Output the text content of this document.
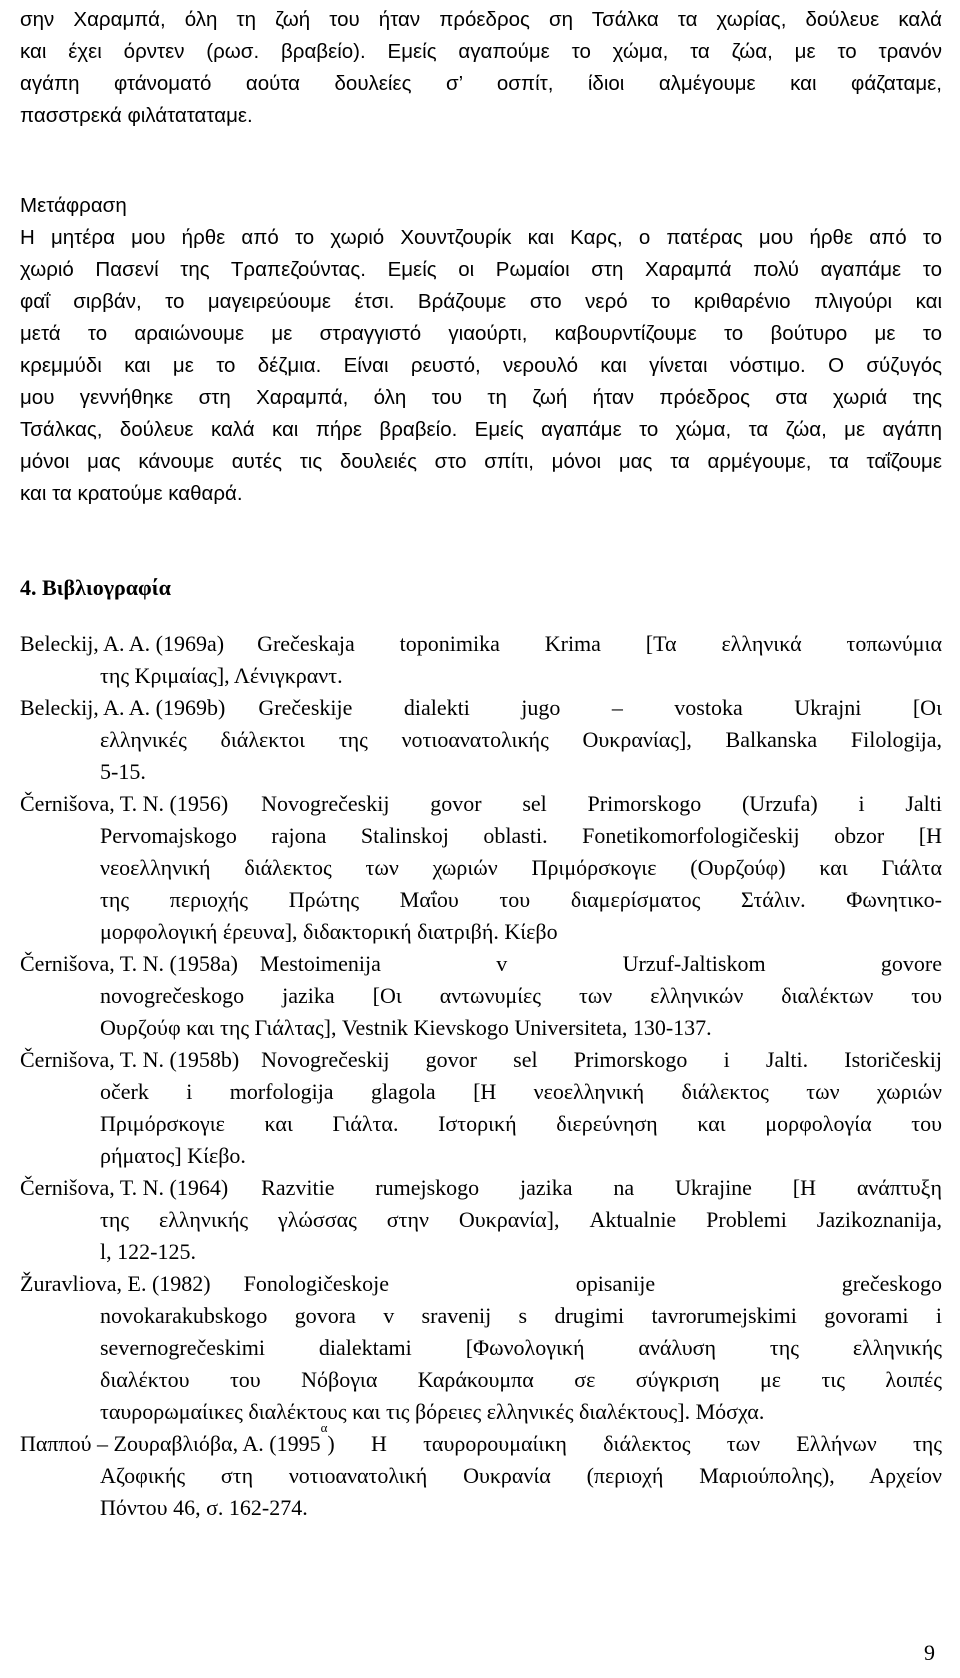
σην Χαραμπά, όλη τη ζωή του ήταν πρόεδρος ση Τσάλκα τα χωρίας, δούλευε καλά
και έχει όρντεν (ρωσ. βραβείο). Εμείς αγαπούμε το χώμα, τα ζώα, με το τρανόν
αγάπη φτάνοματό αούτα δουλείες σ’ οσπίτ, ίδιοι αλμέγουμε και φάζαταμε,
πασστρεκά φιλάταταταμε.
Μετάφραση
Η μητέρα μου ήρθε από το χωριό Χουντζουρίκ και Καρς, ο πατέρας μου ήρθε από το
χωριό Πασενί της Τραπεζούντας. Εμείς οι Ρωμαίοι στη Χαραμπά πολύ αγαπάμε το
φαΐ σιρβάν, το μαγειρεύουμε έτσι. Βράζουμε στο νερό το κριθαρένιο πλιγούρι και
μετά το αραιώνουμε με στραγγιστό γιαούρτι, καβουρντίζουμε το βούτυρο με το
κρεμμύδι και με το δέζμια. Είναι ρευστό, νερουλό και γίνεται νόστιμο. Ο σύζυγός
μου γεννήθηκε στη Χαραμπά, όλη του τη ζωή ήταν πρόεδρος στα χωριά της
Τσάλκας, δούλευε καλά και πήρε βραβείο. Εμείς αγαπάμε το χώμα, τα ζώα, με αγάπη
μόνοι μας κάνουμε αυτές τις δουλειές στο σπίτι, μόνοι μας τα αρμέγουμε, τα ταΐζουμε
και τα κρατούμε καθαρά.
4. Βιβλιογραφία
Beleckij, A. A. (1969a) Grečeskaja toponimika Krima [Τα ελληνικά τοπωνύμια
της Κριμαίας], Λένιγκραντ.
Beleckij, A. A. (1969b) Grečeskije dialekti jugo – vostoka Ukrajni [Οι
ελληνικές διάλεκτοι της νοτιοανατολικής Ουκρανίας], Balkanska Filologija,
5-15.
Černišova, T. N. (1956) Novogrečeskij govor sel Primorskogo (Urzufa) i Jalti
Pervomajskogo rajona Stalinskoj oblasti. Fonetikomorfologičeskij obzor [Η
νεοελληνική διάλεκτος των χωριών Πριμόρσκογιε (Ουρζούφ) και Γιάλτα
της περιοχής Πρώτης Μαΐου του διαμερίσματος Στάλιν. Φωνητικο-
μορφολογική έρευνα], διδακτορική διατριβή. Κίεβο
Černišova, T. N. (1958a) Mestoimenija v Urzuf-Jaltiskom govore
novogrečeskogo jazika [Οι αντωνυμίες των ελληνικών διαλέκτων του
Ουρζούφ και της Γιάλτας], Vestnik Kievskogo Universiteta, 130-137.
Černišova, T. N. (1958b) Novogrečeskij govor sel Primorskogo i Jalti. Istoričeskij
očerk i morfologija glagola [Η νεοελληνική διάλεκτος των χωριών
Πριμόρσκογιε και Γιάλτα. Ιστορική διερεύνηση και μορφολογία του
ρήματος] Κίεβο.
Černišova, T. N. (1964) Razvitie rumejskogo jazika na Ukrajine [Η ανάπτυξη
της ελληνικής γλώσσας στην Ουκρανία], Aktualnie Problemi Jazikoznanija,
l, 122-125.
Žuravliova, E. (1982) Fonologičeskoje opisanije grečeskogo
novokarakubskogo govora v sravenij s drugimi tavrorumejskimi govorami i
severnogrečeskimi dialektami [Φωνολογική ανάλυση της ελληνικής
διαλέκτου του Νόβογια Καράκουμπα σε σύγκριση με τις λοιπές
ταυρορωμαίικες διαλέκτους και τις βόρειες ελληνικές διαλέκτους]. Μόσχα.
Παππού – Ζουραβλιόβα, Α. (1995
α
) Η ταυρορουμαίικη διάλεκτος των Ελλήνων της
Αζοφικής στη νοτιοανατολική Ουκρανία (περιοχή Μαριούπολης), Αρχείον
Πόντου 46, σ. 162-274.
9
